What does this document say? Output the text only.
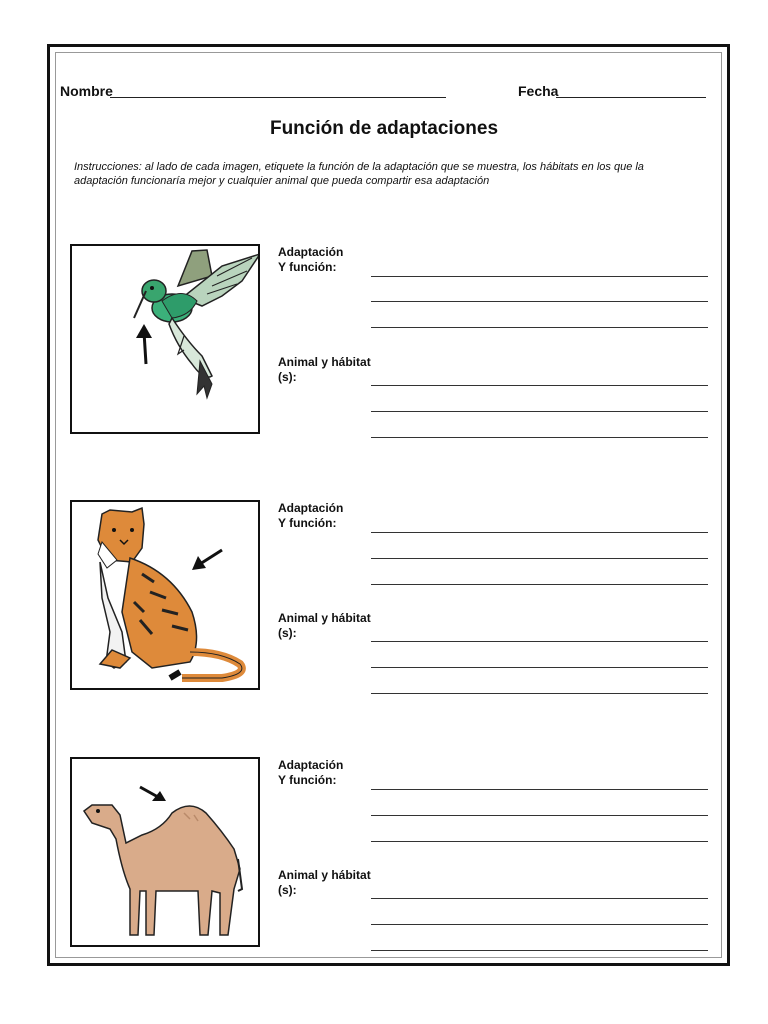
Nombre	Fecha
Función de adaptaciones
Instrucciones: al lado de cada imagen, etiquete la función de la adaptación que se muestra, los hábitats en los que la adaptación funcionaría mejor y cualquier animal que pueda compartir esa adaptación
Adaptación
Y función:
Animal y hábitat
(s):
Adaptación
Y función:
Animal y hábitat
(s):
Adaptación
Y función:
Animal y hábitat
(s):
